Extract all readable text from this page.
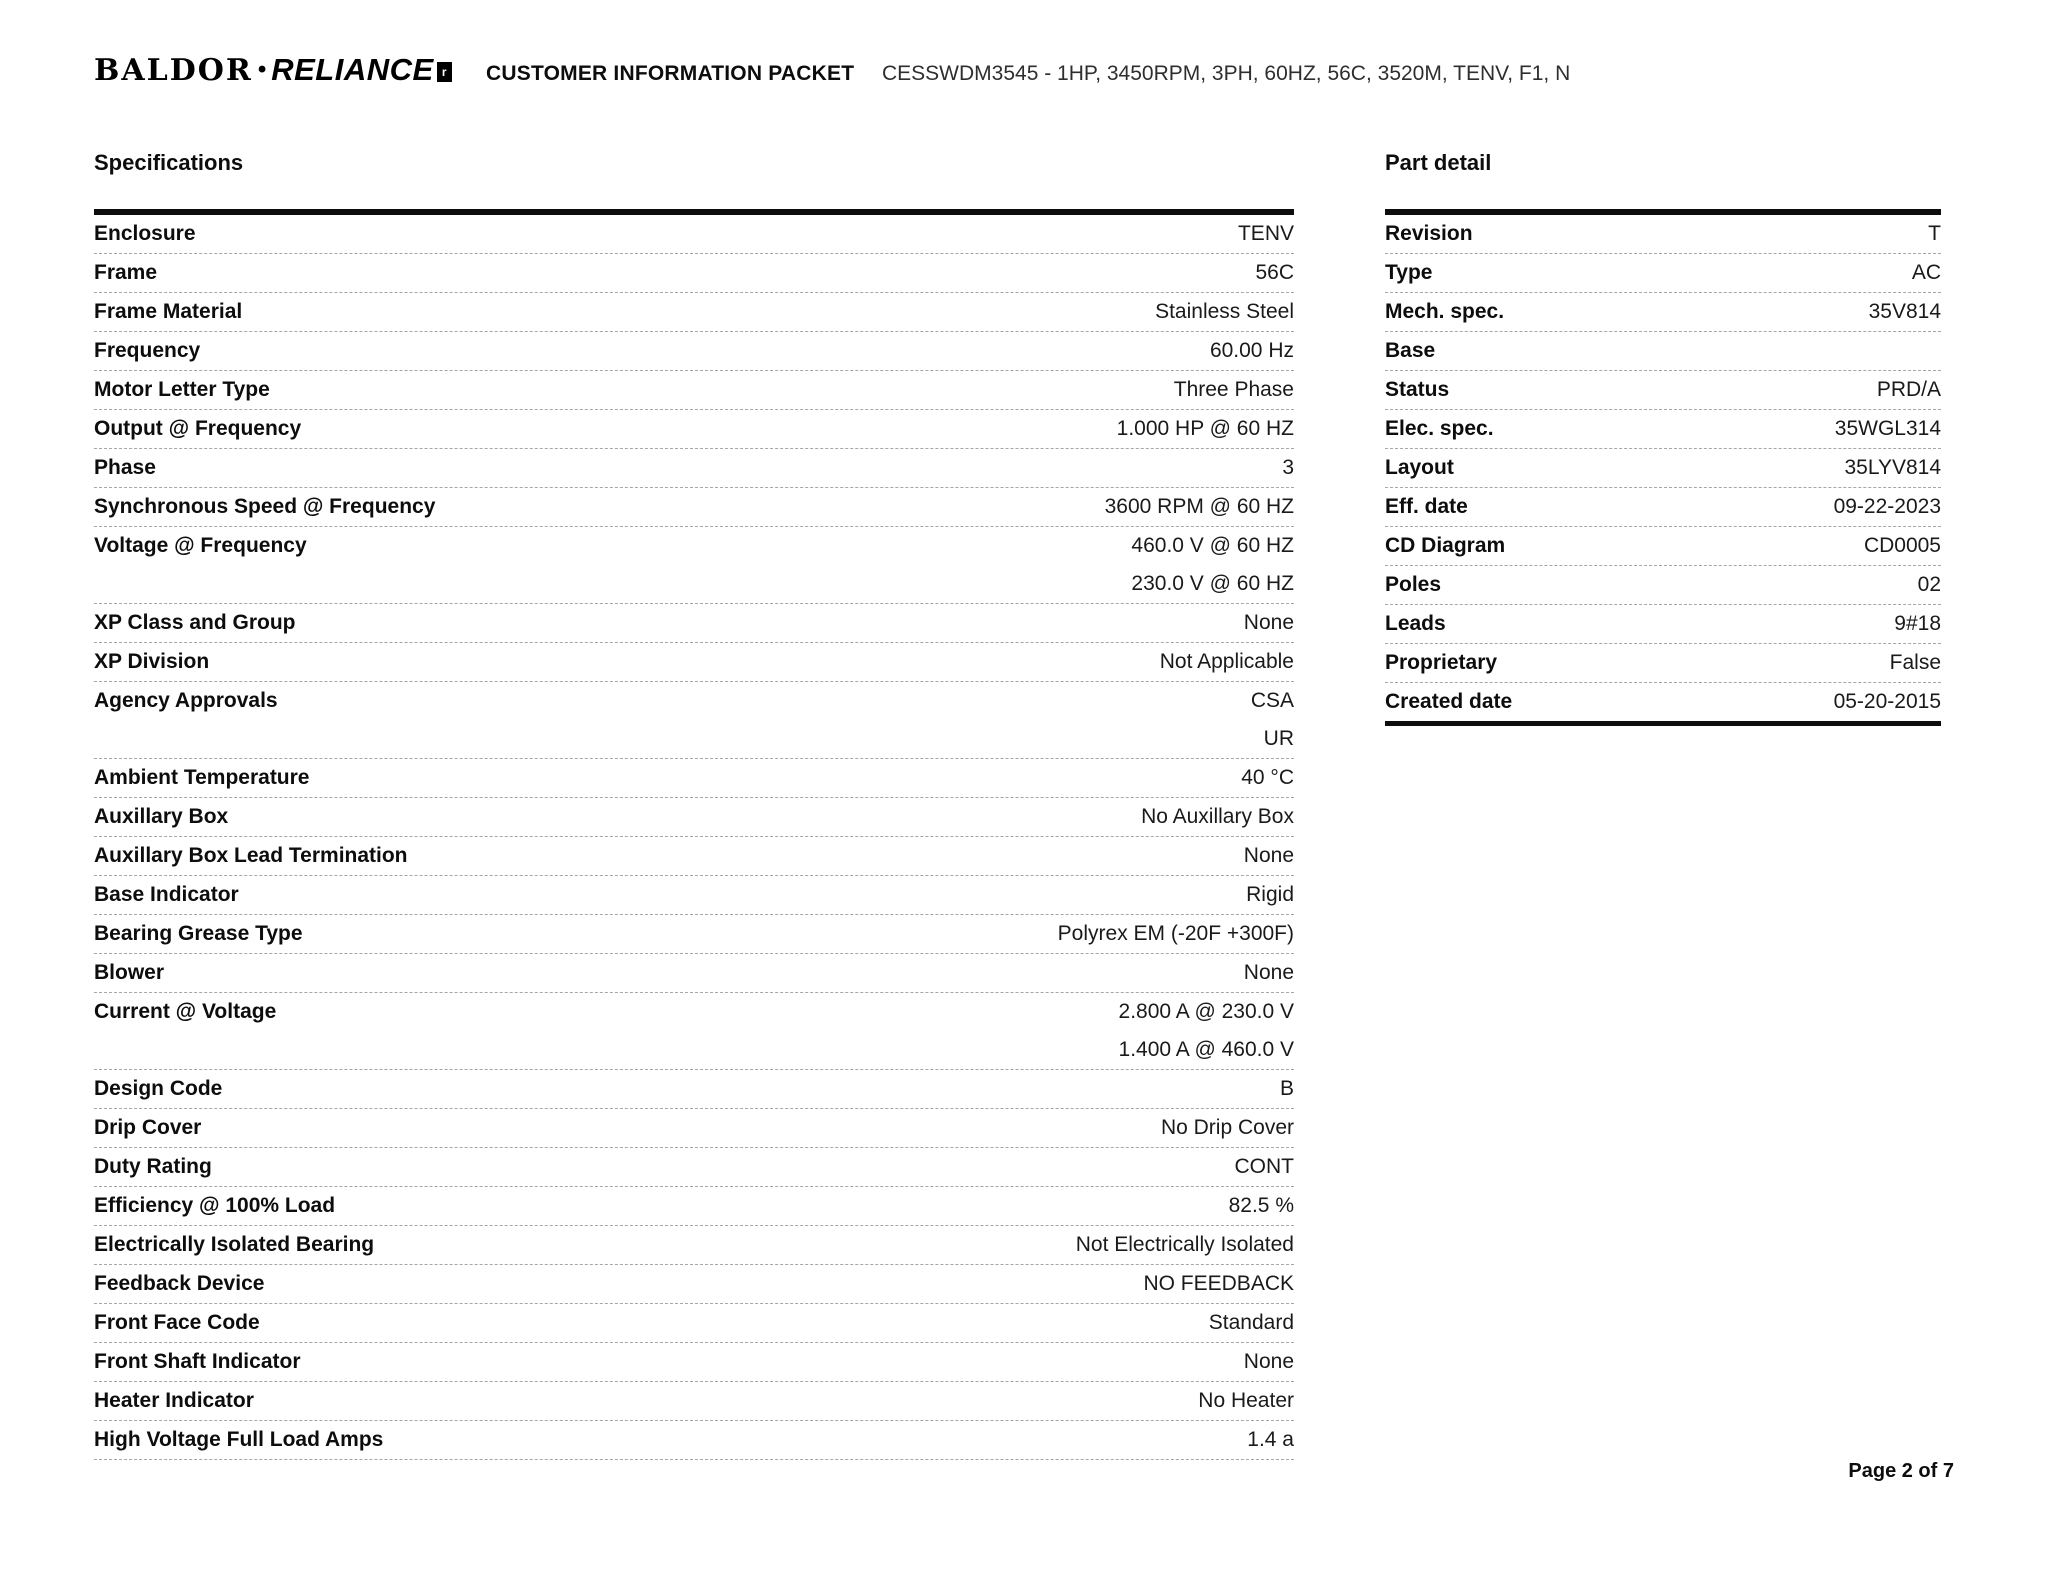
BALDOR • RELIANCE r CUSTOMER INFORMATION PACKET CESSWDM3545 - 1HP, 3450RPM, 3PH, 60HZ, 56C, 3520M, TENV, F1, N
Specifications
Enclosure	TENV
Frame	56C
Frame Material	Stainless Steel
Frequency	60.00 Hz
Motor Letter Type	Three Phase
Output @ Frequency	1.000 HP @ 60 HZ
Phase	3
Synchronous Speed @ Frequency	3600 RPM @ 60 HZ
Voltage @ Frequency	460.0 V @ 60 HZ
230.0 V @ 60 HZ
XP Class and Group	None
XP Division	Not Applicable
Agency Approvals	CSA
UR
Ambient Temperature	40 °C
Auxillary Box	No Auxillary Box
Auxillary Box Lead Termination	None
Base Indicator	Rigid
Bearing Grease Type	Polyrex EM (-20F +300F)
Blower	None
Current @ Voltage	2.800 A @ 230.0 V
1.400 A @ 460.0 V
Design Code	B
Drip Cover	No Drip Cover
Duty Rating	CONT
Efficiency @ 100% Load	82.5 %
Electrically Isolated Bearing	Not Electrically Isolated
Feedback Device	NO FEEDBACK
Front Face Code	Standard
Front Shaft Indicator	None
Heater Indicator	No Heater
High Voltage Full Load Amps	1.4 a
Part detail
Revision	T
Type	AC
Mech. spec.	35V814
Base
Status	PRD/A
Elec. spec.	35WGL314
Layout	35LYV814
Eff. date	09-22-2023
CD Diagram	CD0005
Poles	02
Leads	9#18
Proprietary	False
Created date	05-20-2015
Page 2 of 7
